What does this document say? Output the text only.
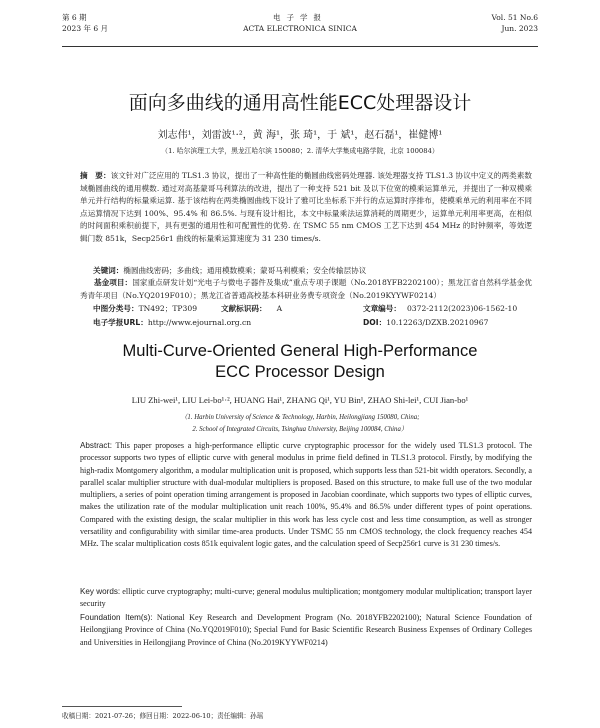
第 6 期
2023 年 6 月
电子学报
ACTA ELECTRONICA SINICA
Vol. 51 No.6
Jun. 2023
面向多曲线的通用高性能ECC处理器设计
刘志伟¹，刘雷波¹·²，黄 海¹，张 琦¹，于 斌¹，赵石磊¹，崔健博¹
（1. 哈尔滨理工大学，黑龙江哈尔滨 150080；2. 清华大学集成电路学院，北京 100084）
摘　要：该文针对广泛应用的 TLS1.3 协议，提出了一种高性能的椭圆曲线密码处理器. 该处理器支持 TLS1.3 协议中定义的两类素数域椭圆曲线的通用模数. 通过对高基蒙哥马利算法的改进，提出了一种支持 521 bit 及以下位宽的模乘运算单元，并提出了一种双模乘单元并行结构的标量乘运算. 基于该结构在两类椭圆曲线下设计了雅可比坐标系下并行的点运算时序排布，使模乘单元的利用率在不同点运算情况下达到 100%、95.4% 和 86.5%. 与现有设计相比，本文中标量乘法运算消耗的周期更少，运算单元利用率更高，在相似的时间面积乘积前提下，具有更强的通用性和可配置性的优势. 在 TSMC 55 nm CMOS 工艺下达到 454 MHz 的时钟频率，等效逻辑门数 851k，Secp256r1 曲线的标量乘运算速度为 31 230 times/s.
关键词：椭圆曲线密码；多曲线；通用模数模乘；蒙哥马利模乘；安全传输层协议
基金项目：国家重点研发计划“光电子与微电子器件及集成”重点专项子课题（No.2018YFB2202100）；黑龙江省自然科学基金优秀青年项目（No.YQ2019F010）；黑龙江省普通高校基本科研业务费专项资金（No.2019KYYWF0214）
中图分类号：TN492；TP309	文献标识码： A	文章编号： 0372-2112(2023)06-1562-10
电子学报URL：http://www.ejournal.org.cn	DOI：10.12263/DZXB.20210967
Multi-Curve-Oriented General High-Performance
ECC Processor Design
LIU Zhi-wei¹, LIU Lei-bo¹·², HUANG Hai¹, ZHANG Qi¹, YU Bin¹, ZHAO Shi-lei¹, CUI Jian-bo¹
（1. Harbin University of Science & Technology, Harbin, Heilongjiang 150080, China;
2. School of Integrated Circuits, Tsinghua University, Beijing 100084, China）
Abstract: This paper proposes a high-performance elliptic curve cryptographic processor for the widely used TLS1.3 protocol. The processor supports two types of elliptic curve with general modulus in prime field defined in TLS1.3 protocol. Firstly, by modifying the high-radix Montgomery algorithm, a modular multiplication unit is proposed, which supports less than 521-bit width operators. Secondly, a parallel scalar multiplier structure with dual-modular multipliers is proposed. Based on this structure, to make full use of the two modular multipliers, a series of point operation timing arrangement is proposed in Jacobian coordinate, which supports two types of elliptic curves, makes the utilization rate of the modular multiplication unit reach 100%, 95.4% and 86.5% under different types of point operations. Compared with the existing design, the scalar multiplier in this work has less cycle cost and less time consumption, as well as stronger versatility and configurability with similar time-area products. Under TSMC 55 nm CMOS technology, the clock frequency reaches 454 MHz. The scalar multiplication costs 851k equivalent logic gates, and the calculation speed of Secp256r1 curve is 31 230 times/s.
Key words: elliptic curve cryptography; multi-curve; general modulus multiplication; montgomery modular multiplication; transport layer security
Foundation Item(s): National Key Research and Development Program (No. 2018YFB2202100); Natural Science Foundation of Heilongjiang Province of China (No.YQ2019F010); Special Fund for Basic Scientific Research Business Expenses of Ordinary Colleges and Universities in Heilongjiang Province of China (No.2019KYYWF0214)
收稿日期：2021-07-26；修回日期：2022-06-10；责任编辑：孙瑶
